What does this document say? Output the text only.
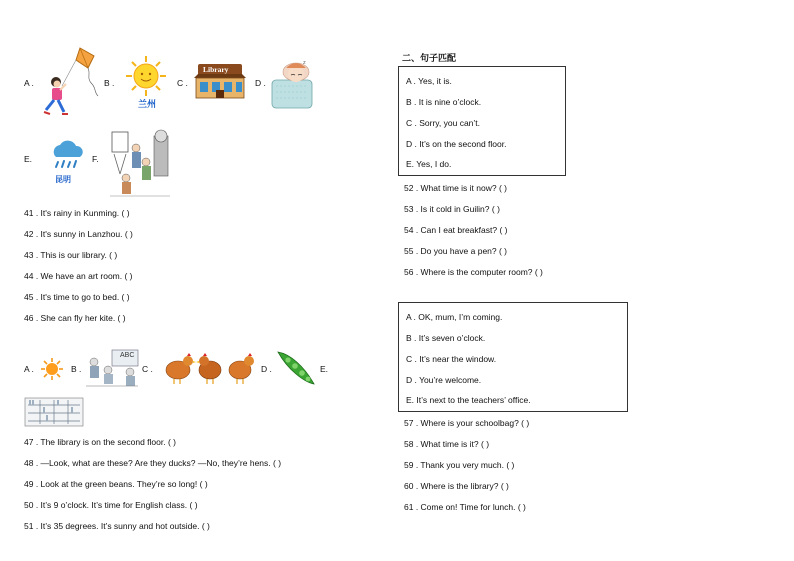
A .	B .
兰州
C .
Library
D .
z
E.
昆明
F.
41 . It's rainy in Kunming. ( )
42 . It's sunny in Lanzhou. ( )
43 . This is our library. ( )
44 . We have an art room. ( )
45 . It's time to go to bed. ( )
46 . She can fly her kite. ( )
A .	B .
ABC
C .	D .	E.
47 . The library is on the second floor. ( )
48 . —Look, what are these? Are they ducks? —No, they’re hens. ( )
49 . Look at the green beans. They’re so long! ( )
50 . It’s 9 o’clock. It’s time for English class. ( )
51 . It’s 35 degrees. It’s sunny and hot outside. ( )
二、句子匹配
A . Yes, it is.
B . It is nine o’clock.
C . Sorry, you can’t.
D . It’s on the second floor.
E. Yes, I do.
52 . What time is it now? ( )
53 . Is it cold in Guilin? ( )
54 . Can I eat breakfast? ( )
55 . Do you have a pen? ( )
56 . Where is the computer room? ( )
A . OK, mum, I’m coming.
B . It’s seven o’clock.
C . It’s near the window.
D . You’re welcome.
E. It’s next to the teachers’ office.
57 . Where is your schoolbag? ( )
58 . What time is it? ( )
59 . Thank you very much. ( )
60 . Where is the library? ( )
61 . Come on! Time for lunch. ( )
